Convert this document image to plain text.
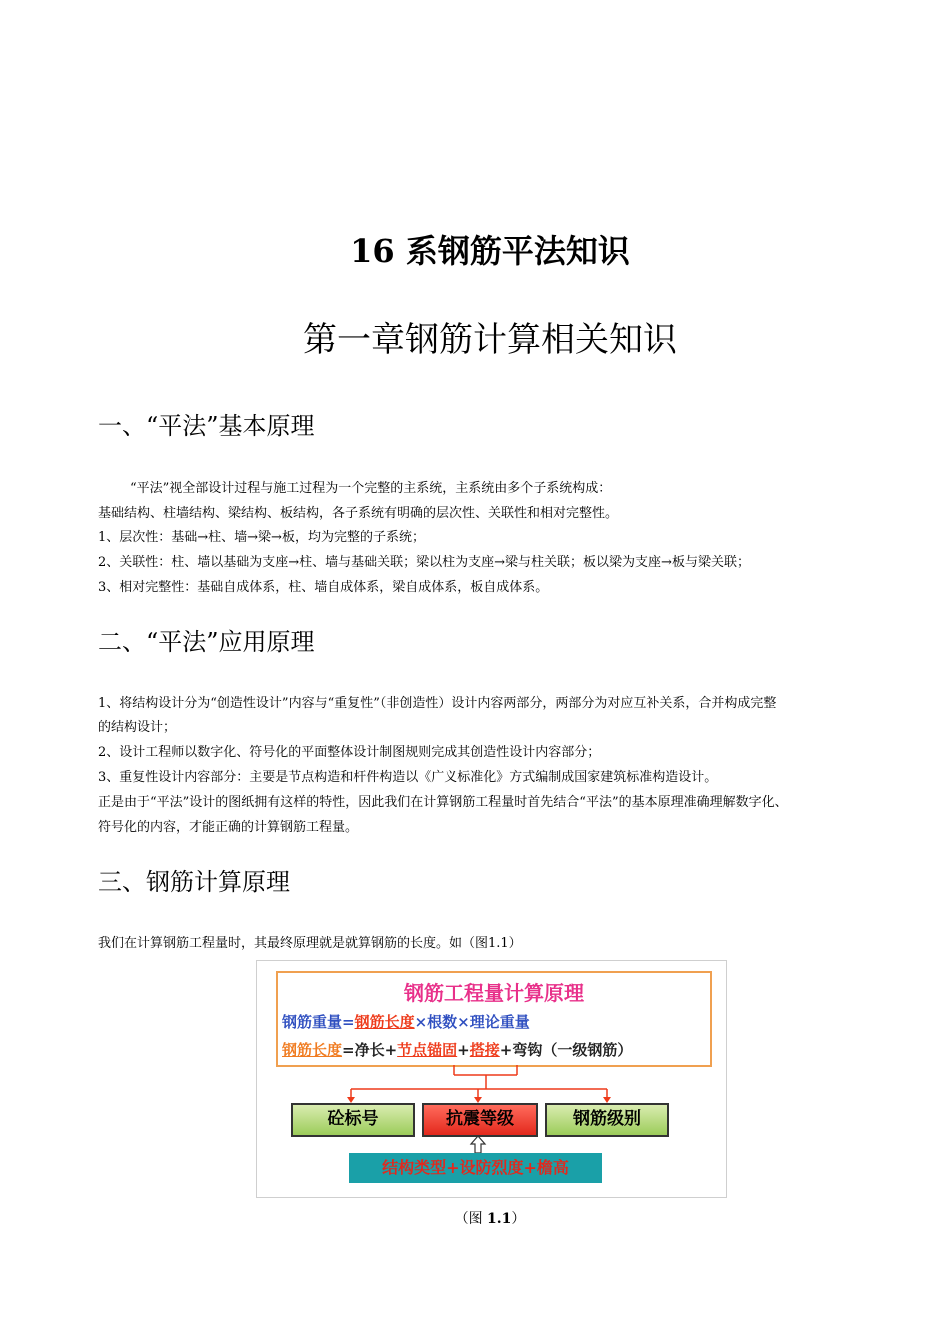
16 系钢筋平法知识
第一章钢筋计算相关知识
一、“平法”基本原理
“平法”视全部设计过程与施工过程为一个完整的主系统，主系统由多个子系统构成：
基础结构、柱墙结构、梁结构、板结构，各子系统有明确的层次性、关联性和相对完整性。
1、层次性：基础→柱、墙→梁→板，均为完整的子系统；
2、关联性：柱、墙以基础为支座→柱、墙与基础关联；梁以柱为支座→梁与柱关联；板以梁为支座→板与梁关联；
3、相对完整性：基础自成体系，柱、墙自成体系，梁自成体系，板自成体系。
二、“平法”应用原理
1、将结构设计分为“创造性设计”内容与“重复性”（非创造性）设计内容两部分，两部分为对应互补关系，合并构成完整
的结构设计；
2、设计工程师以数字化、符号化的平面整体设计制图规则完成其创造性设计内容部分；
3、重复性设计内容部分：主要是节点构造和杆件构造以《广义标准化》方式编制成国家建筑标准构造设计。
正是由于“平法”设计的图纸拥有这样的特性，因此我们在计算钢筋工程量时首先结合“平法”的基本原理准确理解数字化、
符号化的内容，才能正确的计算钢筋工程量。
三、钢筋计算原理
我们在计算钢筋工程量时，其最终原理就是就算钢筋的长度。如（图1.1）
钢筋工程量计算原理
钢筋重量=钢筋长度×根数×理论重量
钢筋长度=净长+节点锚固+搭接+弯钩（一级钢筋）
砼标号	抗震等级	钢筋级别
结构类型+设防烈度+檐高
（图 1.1）
